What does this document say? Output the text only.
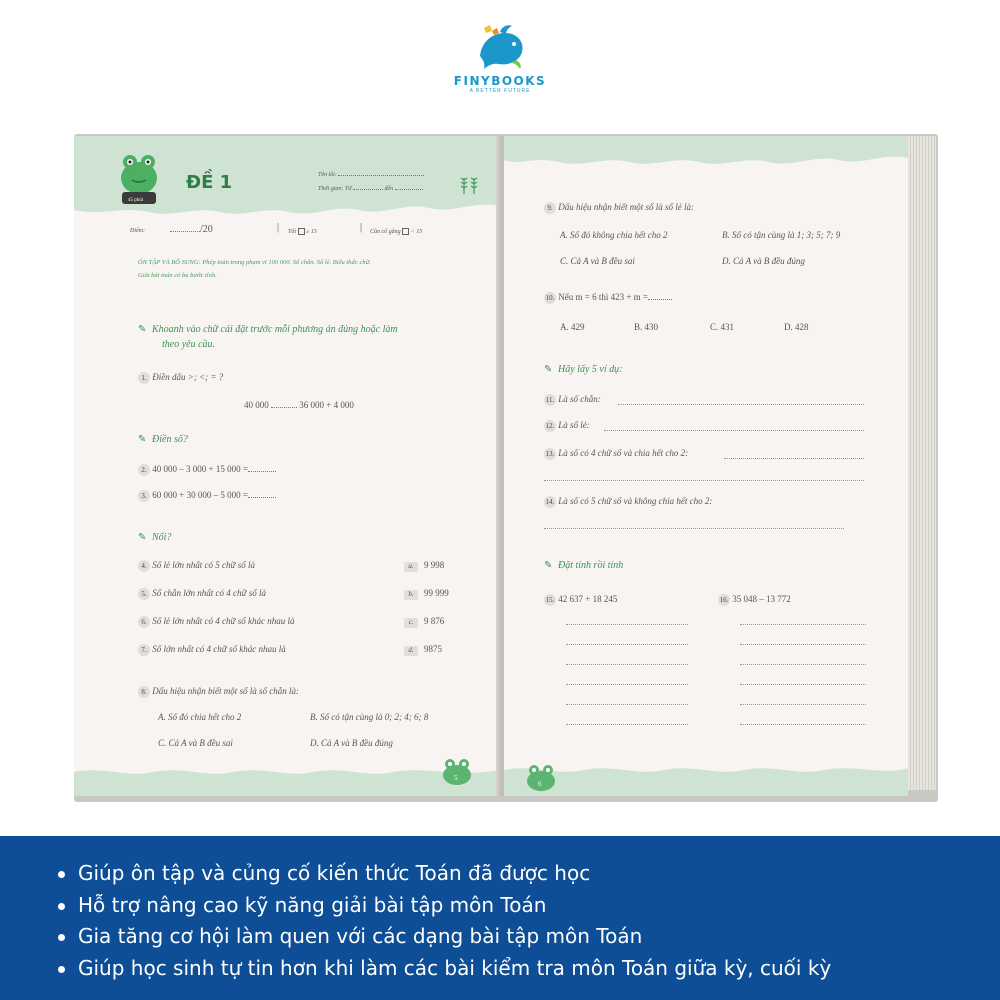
FINYBOOKS
A BETTER FUTURE
45 phút
ĐỀ 1	Tên tôi:
Thời gian: Từ	đến
Điểm:	/20	| Tốt ≥ 15	| Cần cố gắng < 15
ÔN TẬP VÀ BỔ SUNG: Phép toán trong phạm vi 100 000. Số chẵn. Số lẻ. Biểu thức chữ.
Giải bài toán có ba bước tính.
✎ Khoanh vào chữ cái đặt trước mỗi phương án đúng hoặc làm
theo yêu cầu.
1. Điền dấu >; <; = ?
40 000	36 000 + 4 000
✎ Điền số?
2. 40 000 – 3 000 + 15 000 =
3. 60 000 + 30 000 – 5 000 =
✎ Nối?
4. Số lẻ lớn nhất có 5 chữ số là	a. 9 998
5. Số chẵn lớn nhất có 4 chữ số là	b. 99 999
6. Số lẻ lớn nhất có 4 chữ số khác nhau là	c. 9 876
7. Số lớn nhất có 4 chữ số khác nhau là	d. 9875
8. Dấu hiệu nhận biết một số là số chẵn là:
A. Số đó chia hết cho 2	B. Số có tận cùng là 0; 2; 4; 6; 8
C. Cả A và B đều sai	D. Cả A và B đều đúng
5
9. Dấu hiệu nhận biết một số là số lẻ là:
A. Số đó không chia hết cho 2	B. Số có tận cùng là 1; 3; 5; 7; 9
C. Cả A và B đều sai	D. Cả A và B đều đúng
10. Nếu m = 6 thì 423 + m =
A. 429	B. 430	C. 431	D. 428
✎ Hãy lấy 5 ví dụ:
11. Là số chẵn:
12. Là số lẻ:
13. Là số có 4 chữ số và chia hết cho 2:
14. Là số có 5 chữ số và không chia hết cho 2:
✎ Đặt tính rồi tính
15. 42 637 + 18 245	16. 35 048 – 13 772
6
Giúp ôn tập và củng cố kiến thức Toán đã được học
Hỗ trợ nâng cao kỹ năng giải bài tập môn Toán
Gia tăng cơ hội làm quen với các dạng bài tập môn Toán
Giúp học sinh tự tin hơn khi làm các bài kiểm tra môn Toán giữa kỳ, cuối kỳ
